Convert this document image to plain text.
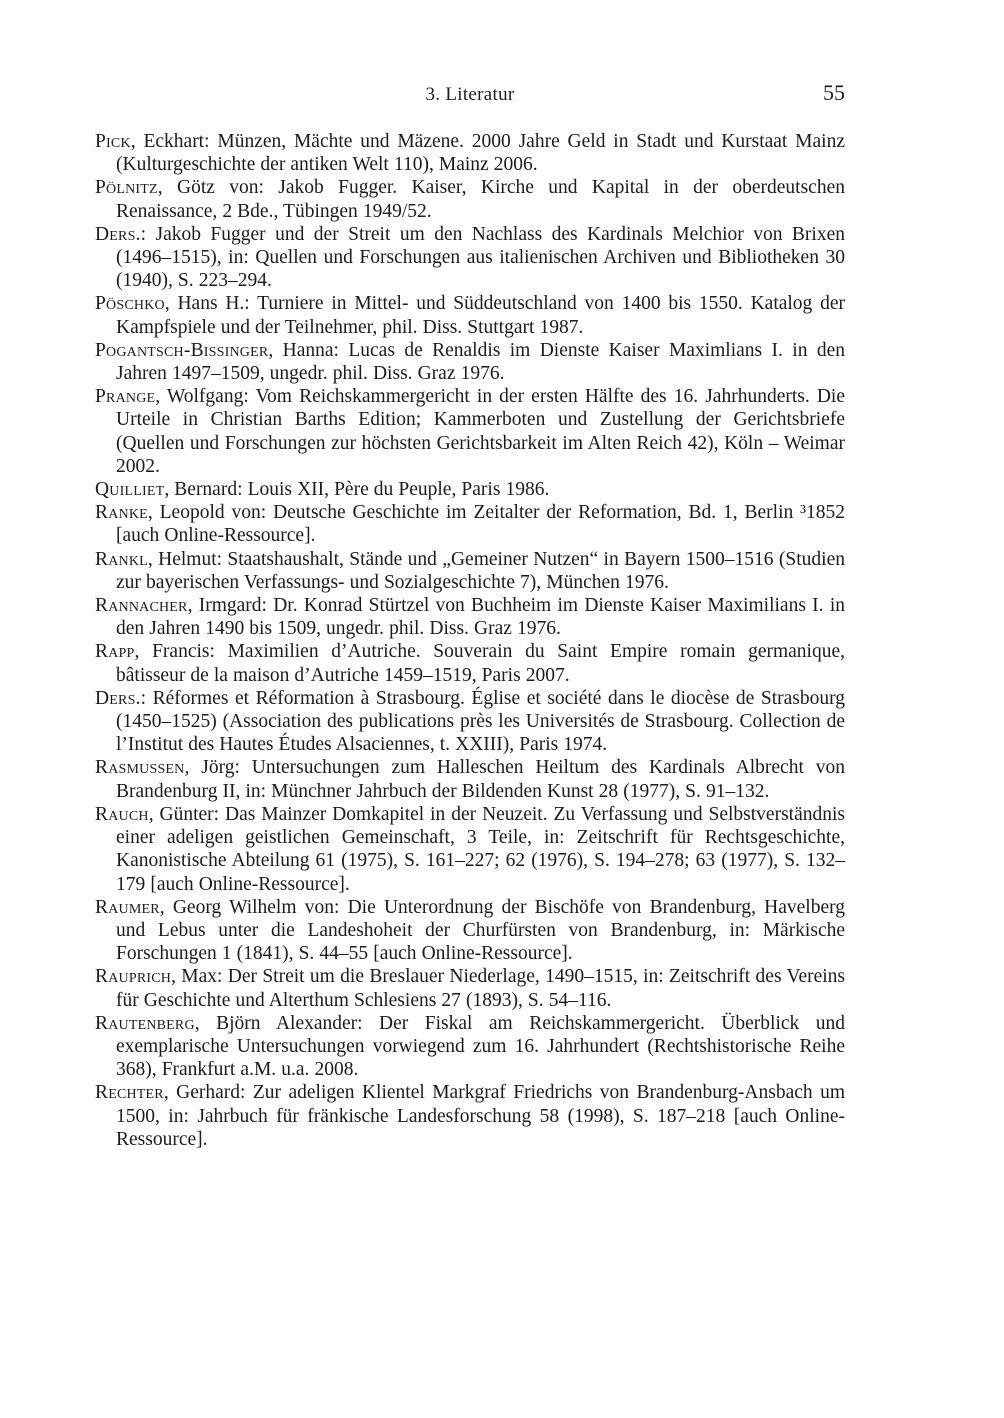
3. Literatur	55

Pick, Eckhart: Münzen, Mächte und Mäzene. 2000 Jahre Geld in Stadt und Kurstaat Mainz (Kulturgeschichte der antiken Welt 110), Mainz 2006.

Pölnitz, Götz von: Jakob Fugger. Kaiser, Kirche und Kapital in der oberdeutschen Renaissance, 2 Bde., Tübingen 1949/52.

Ders.: Jakob Fugger und der Streit um den Nachlass des Kardinals Melchior von Brixen (1496–1515), in: Quellen und Forschungen aus italienischen Archiven und Bibliotheken 30 (1940), S. 223–294.

Pöschko, Hans H.: Turniere in Mittel- und Süddeutschland von 1400 bis 1550. Katalog der Kampfspiele und der Teilnehmer, phil. Diss. Stuttgart 1987.

Pogantsch-Bissinger, Hanna: Lucas de Renaldis im Dienste Kaiser Maximlians I. in den Jahren 1497–1509, ungedr. phil. Diss. Graz 1976.

Prange, Wolfgang: Vom Reichskammergericht in der ersten Hälfte des 16. Jahrhunderts. Die Urteile in Christian Barths Edition; Kammerboten und Zustellung der Gerichtsbriefe (Quellen und Forschungen zur höchsten Gerichtsbarkeit im Alten Reich 42), Köln – Weimar 2002.

Quilliet, Bernard: Louis XII, Père du Peuple, Paris 1986.

Ranke, Leopold von: Deutsche Geschichte im Zeitalter der Reformation, Bd. 1, Berlin ³1852 [auch Online-Ressource].

Rankl, Helmut: Staatshaushalt, Stände und „Gemeiner Nutzen“ in Bayern 1500–1516 (Studien zur bayerischen Verfassungs- und Sozialgeschichte 7), München 1976.

Rannacher, Irmgard: Dr. Konrad Stürtzel von Buchheim im Dienste Kaiser Maximilians I. in den Jahren 1490 bis 1509, ungedr. phil. Diss. Graz 1976.

Rapp, Francis: Maximilien d’Autriche. Souverain du Saint Empire romain germanique, bâtisseur de la maison d’Autriche 1459–1519, Paris 2007.

Ders.: Réformes et Réformation à Strasbourg. Église et société dans le diocèse de Strasbourg (1450–1525) (Association des publications près les Universités de Strasbourg. Collection de l’Institut des Hautes Études Alsaciennes, t. XXIII), Paris 1974.

Rasmussen, Jörg: Untersuchungen zum Halleschen Heiltum des Kardinals Albrecht von Brandenburg II, in: Münchner Jahrbuch der Bildenden Kunst 28 (1977), S. 91–132.

Rauch, Günter: Das Mainzer Domkapitel in der Neuzeit. Zu Verfassung und Selbstverständnis einer adeligen geistlichen Gemeinschaft, 3 Teile, in: Zeitschrift für Rechtsgeschichte, Kanonistische Abteilung 61 (1975), S. 161–227; 62 (1976), S. 194–278; 63 (1977), S. 132–179 [auch Online-Ressource].

Raumer, Georg Wilhelm von: Die Unterordnung der Bischöfe von Brandenburg, Havelberg und Lebus unter die Landeshoheit der Churfürsten von Brandenburg, in: Märkische Forschungen 1 (1841), S. 44–55 [auch Online-Ressource].

Rauprich, Max: Der Streit um die Breslauer Niederlage, 1490–1515, in: Zeitschrift des Vereins für Geschichte und Alterthum Schlesiens 27 (1893), S. 54–116.

Rautenberg, Björn Alexander: Der Fiskal am Reichskammergericht. Überblick und exemplarische Untersuchungen vorwiegend zum 16. Jahrhundert (Rechtshistorische Reihe 368), Frankfurt a.M. u.a. 2008.

Rechter, Gerhard: Zur adeligen Klientel Markgraf Friedrichs von Brandenburg-Ansbach um 1500, in: Jahrbuch für fränkische Landesforschung 58 (1998), S. 187–218 [auch Online-Ressource].
